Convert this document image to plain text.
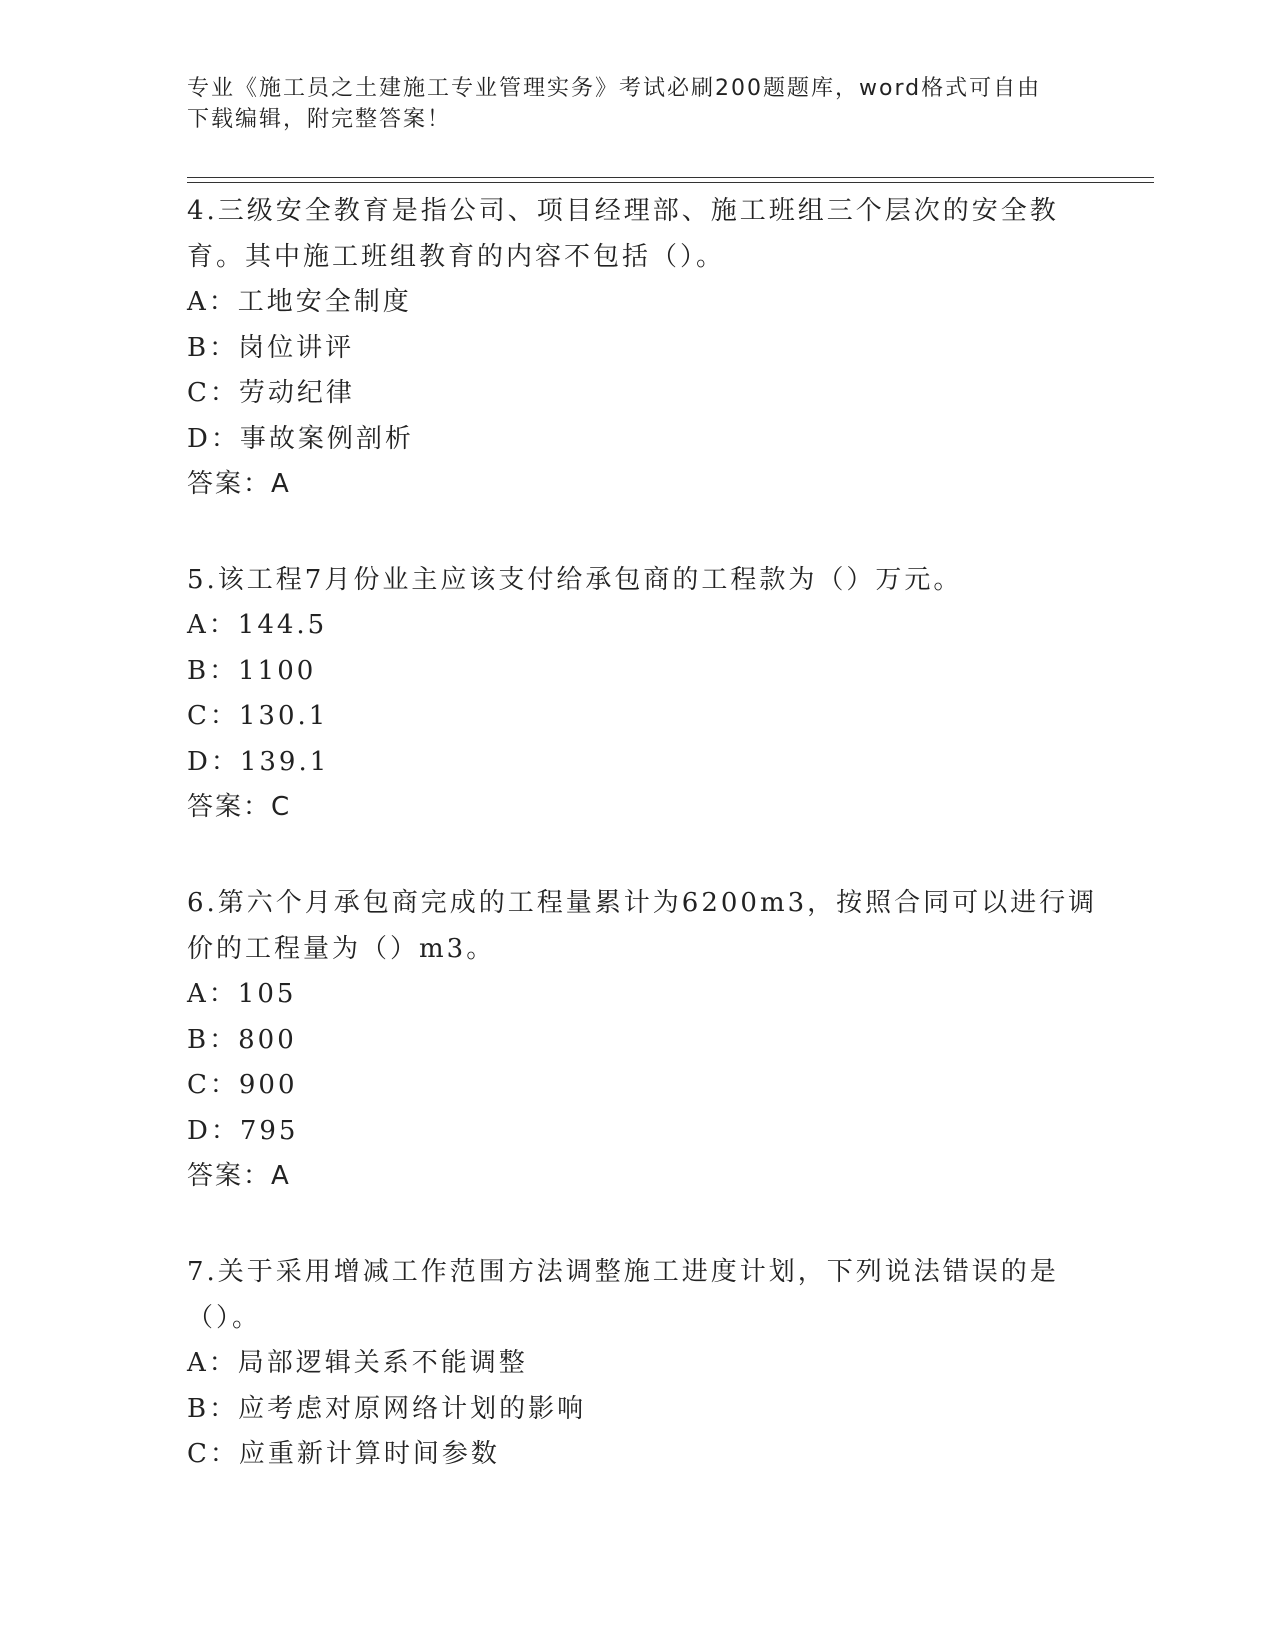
专业《施工员之土建施工专业管理实务》考试必刷200题题库，word格式可自由
下载编辑，附完整答案！
4.三级安全教育是指公司、项目经理部、施工班组三个层次的安全教
育。其中施工班组教育的内容不包括（）。
A：工地安全制度
B：岗位讲评
C：劳动纪律
D：事故案例剖析
答案：A
5.该工程7月份业主应该支付给承包商的工程款为（）万元。
A：144.5
B：1100
C：130.1
D：139.1
答案：C
6.第六个月承包商完成的工程量累计为6200m3，按照合同可以进行调
价的工程量为（）m3。
A：105
B：800
C：900
D：795
答案：A
7.关于采用增减工作范围方法调整施工进度计划，下列说法错误的是
（）。
A：局部逻辑关系不能调整
B：应考虑对原网络计划的影响
C：应重新计算时间参数
